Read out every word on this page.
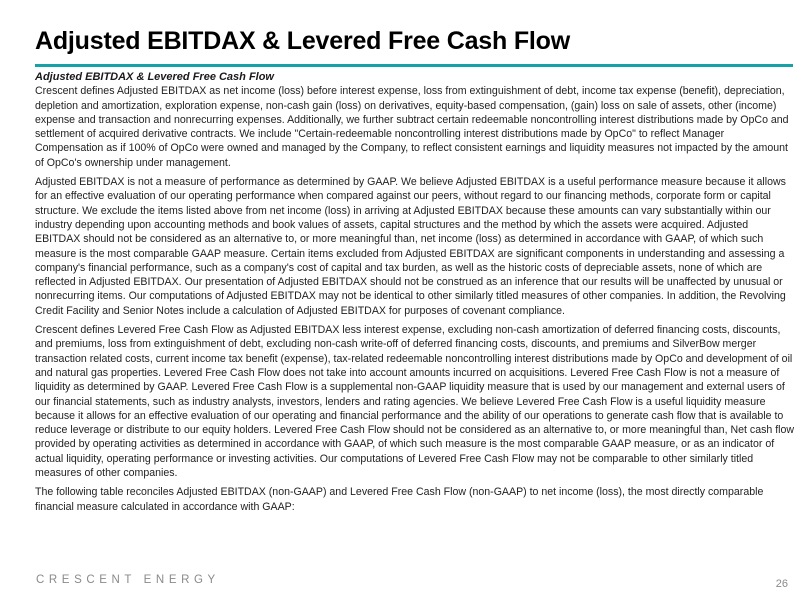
Adjusted EBITDAX & Levered Free Cash Flow
Adjusted EBITDAX & Levered Free Cash Flow

Crescent defines Adjusted EBITDAX as net income (loss) before interest expense, loss from extinguishment of debt, income tax expense (benefit), depreciation, depletion and amortization, exploration expense, non-cash gain (loss) on derivatives, equity-based compensation, (gain) loss on sale of assets, other (income) expense and transaction and nonrecurring expenses. Additionally, we further subtract certain redeemable noncontrolling interest distributions made by OpCo and settlement of acquired derivative contracts. We include "Certain-redeemable noncontrolling interest distributions made by OpCo" to reflect Manager Compensation as if 100% of OpCo were owned and managed by the Company, to reflect consistent earnings and liquidity measures not impacted by the amount of OpCo's ownership under management.

Adjusted EBITDAX is not a measure of performance as determined by GAAP. We believe Adjusted EBITDAX is a useful performance measure because it allows for an effective evaluation of our operating performance when compared against our peers, without regard to our financing methods, corporate form or capital structure. We exclude the items listed above from net income (loss) in arriving at Adjusted EBITDAX because these amounts can vary substantially within our industry depending upon accounting methods and book values of assets, capital structures and the method by which the assets were acquired. Adjusted EBITDAX should not be considered as an alternative to, or more meaningful than, net income (loss) as determined in accordance with GAAP, of which such measure is the most comparable GAAP measure. Certain items excluded from Adjusted EBITDAX are significant components in understanding and assessing a company's financial performance, such as a company's cost of capital and tax burden, as well as the historic costs of depreciable assets, none of which are reflected in Adjusted EBITDAX. Our presentation of Adjusted EBITDAX should not be construed as an inference that our results will be unaffected by unusual or nonrecurring items. Our computations of Adjusted EBITDAX may not be identical to other similarly titled measures of other companies. In addition, the Revolving Credit Facility and Senior Notes include a calculation of Adjusted EBITDAX for purposes of covenant compliance.

Crescent defines Levered Free Cash Flow as Adjusted EBITDAX less interest expense, excluding non-cash amortization of deferred financing costs, discounts, and premiums, loss from extinguishment of debt, excluding non-cash write-off of deferred financing costs, discounts, and premiums and SilverBow merger transaction related costs, current income tax benefit (expense), tax-related redeemable noncontrolling interest distributions made by OpCo and development of oil and natural gas properties. Levered Free Cash Flow does not take into account amounts incurred on acquisitions. Levered Free Cash Flow is not a measure of liquidity as determined by GAAP. Levered Free Cash Flow is a supplemental non-GAAP liquidity measure that is used by our management and external users of our financial statements, such as industry analysts, investors, lenders and rating agencies. We believe Levered Free Cash Flow is a useful liquidity measure because it allows for an effective evaluation of our operating and financial performance and the ability of our operations to generate cash flow that is available to reduce leverage or distribute to our equity holders. Levered Free Cash Flow should not be considered as an alternative to, or more meaningful than, Net cash flow provided by operating activities as determined in accordance with GAAP, of which such measure is the most comparable GAAP measure, or as an indicator of actual liquidity, operating performance or investing activities. Our computations of Levered Free Cash Flow may not be comparable to other similarly titled measures of other companies.

The following table reconciles Adjusted EBITDAX (non-GAAP) and Levered Free Cash Flow (non-GAAP) to net income (loss), the most directly comparable financial measure calculated in accordance with GAAP:

CRESCENT ENERGY	26
